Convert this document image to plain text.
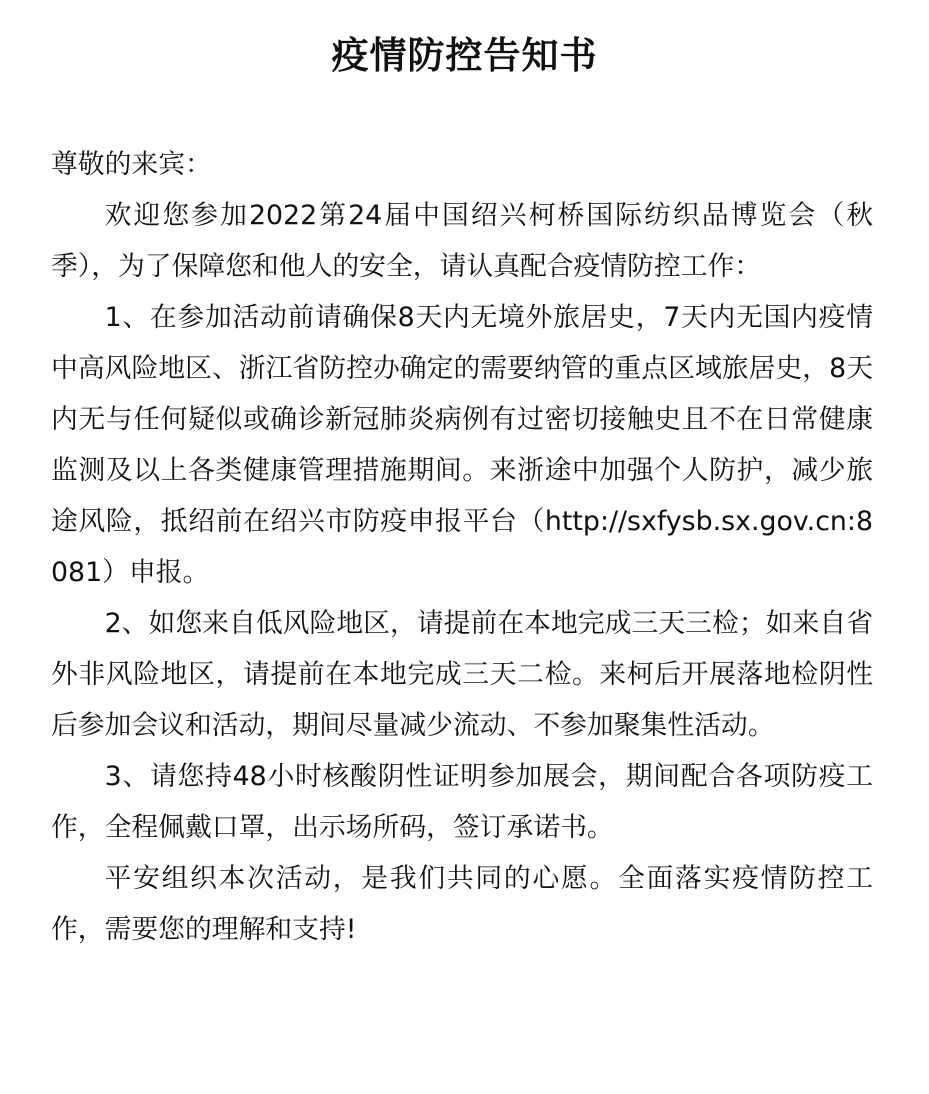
疫情防控告知书

尊敬的来宾：

欢迎您参加2022第24届中国绍兴柯桥国际纺织品博览会（秋季），为了保障您和他人的安全，请认真配合疫情防控工作：

1、在参加活动前请确保8天内无境外旅居史，7天内无国内疫情中高风险地区、浙江省防控办确定的需要纳管的重点区域旅居史，8天内无与任何疑似或确诊新冠肺炎病例有过密切接触史且不在日常健康监测及以上各类健康管理措施期间。来浙途中加强个人防护，减少旅途风险，抵绍前在绍兴市防疫申报平台（http://sxfysb.sx.gov.cn:8081）申报。

2、如您来自低风险地区，请提前在本地完成三天三检；如来自省外非风险地区，请提前在本地完成三天二检。来柯后开展落地检阴性后参加会议和活动，期间尽量减少流动、不参加聚集性活动。

3、请您持48小时核酸阴性证明参加展会，期间配合各项防疫工作，全程佩戴口罩，出示场所码，签订承诺书。

平安组织本次活动，是我们共同的心愿。全面落实疫情防控工作，需要您的理解和支持!
